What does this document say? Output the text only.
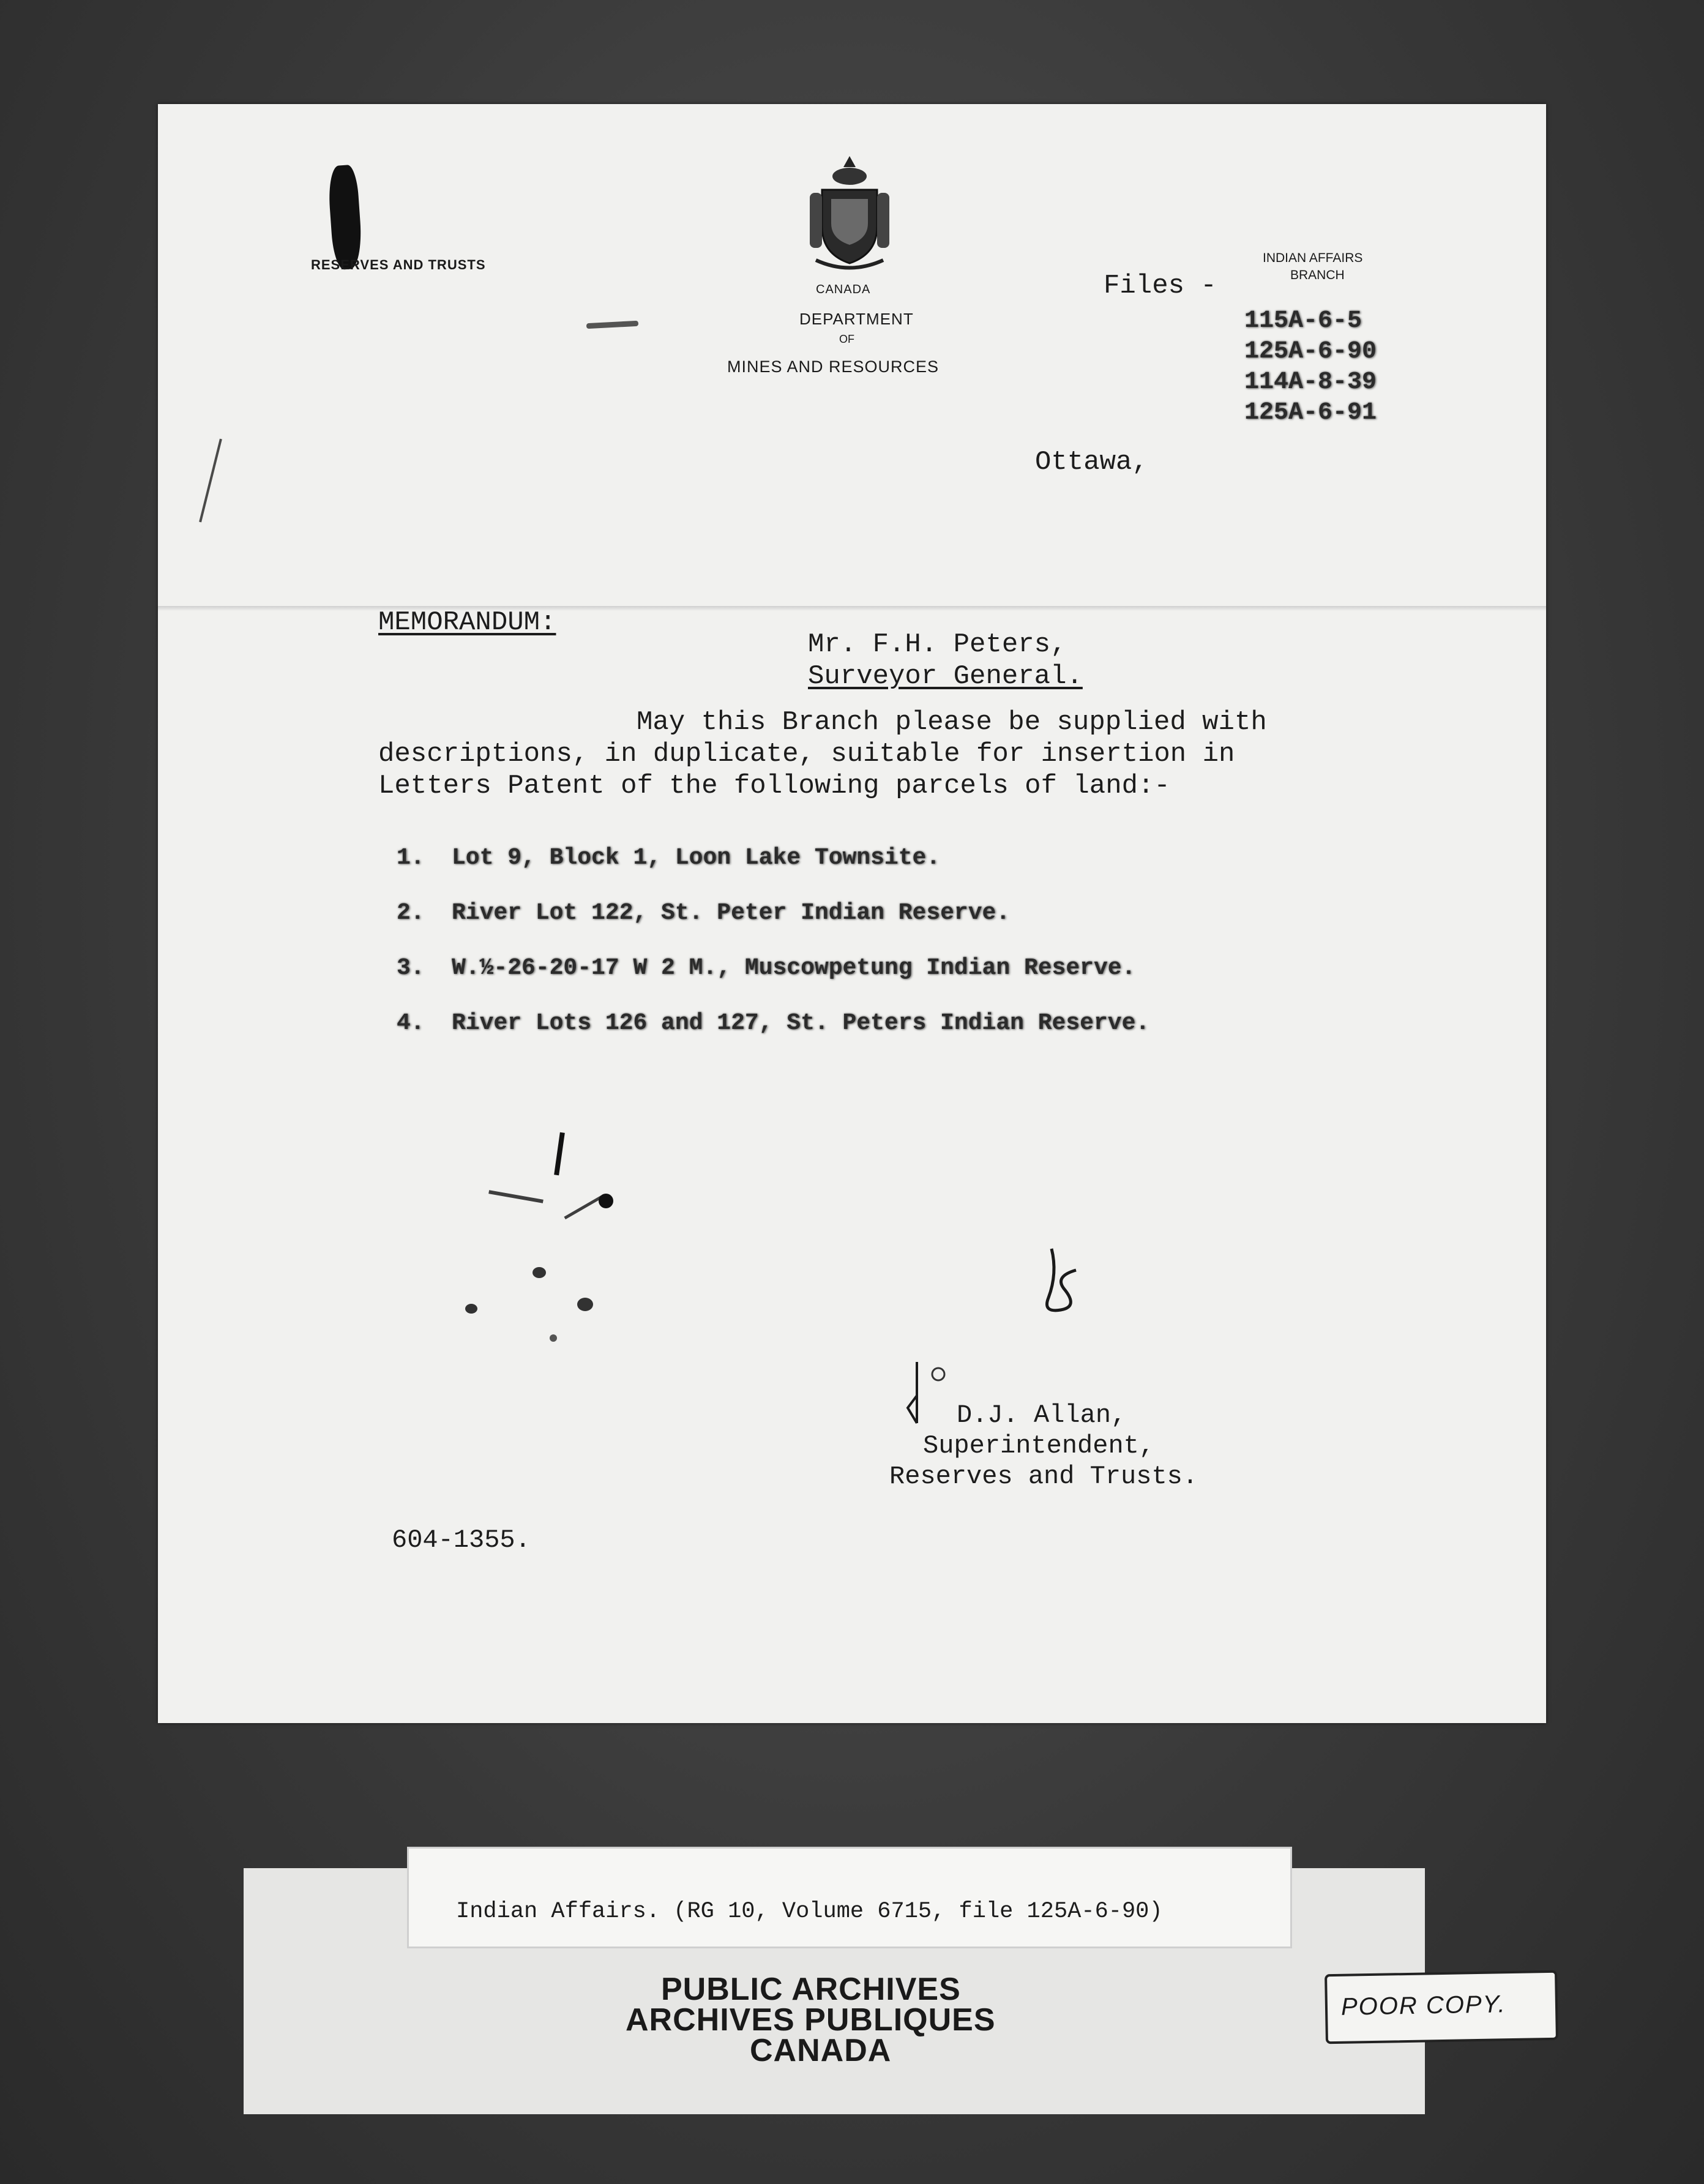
RESERVES AND TRUSTS
CANADA
DEPARTMENT
OF
MINES AND RESOURCES
Files -
INDIAN AFFAIRS
BRANCH
115A-6-5
125A-6-90
114A-8-39
125A-6-91
Ottawa,
MEMORANDUM:
Mr. F.H. Peters,
Surveyor General.
May this Branch please be supplied with
descriptions, in duplicate, suitable for insertion in
Letters Patent of the following parcels of land:-
1. Lot 9, Block 1, Loon Lake Townsite.
2. River Lot 122, St. Peter Indian Reserve.
3. W.½-26-20-17 W 2 M., Muscowpetung Indian Reserve.
4. River Lots 126 and 127, St. Peters Indian Reserve.
D.J. Allan,
Superintendent,
Reserves and Trusts.
604-1355.
Indian Affairs. (RG 10, Volume 6715, file 125A-6-90)
PUBLIC ARCHIVES
ARCHIVES PUBLIQUES
CANADA
POOR COPY.
